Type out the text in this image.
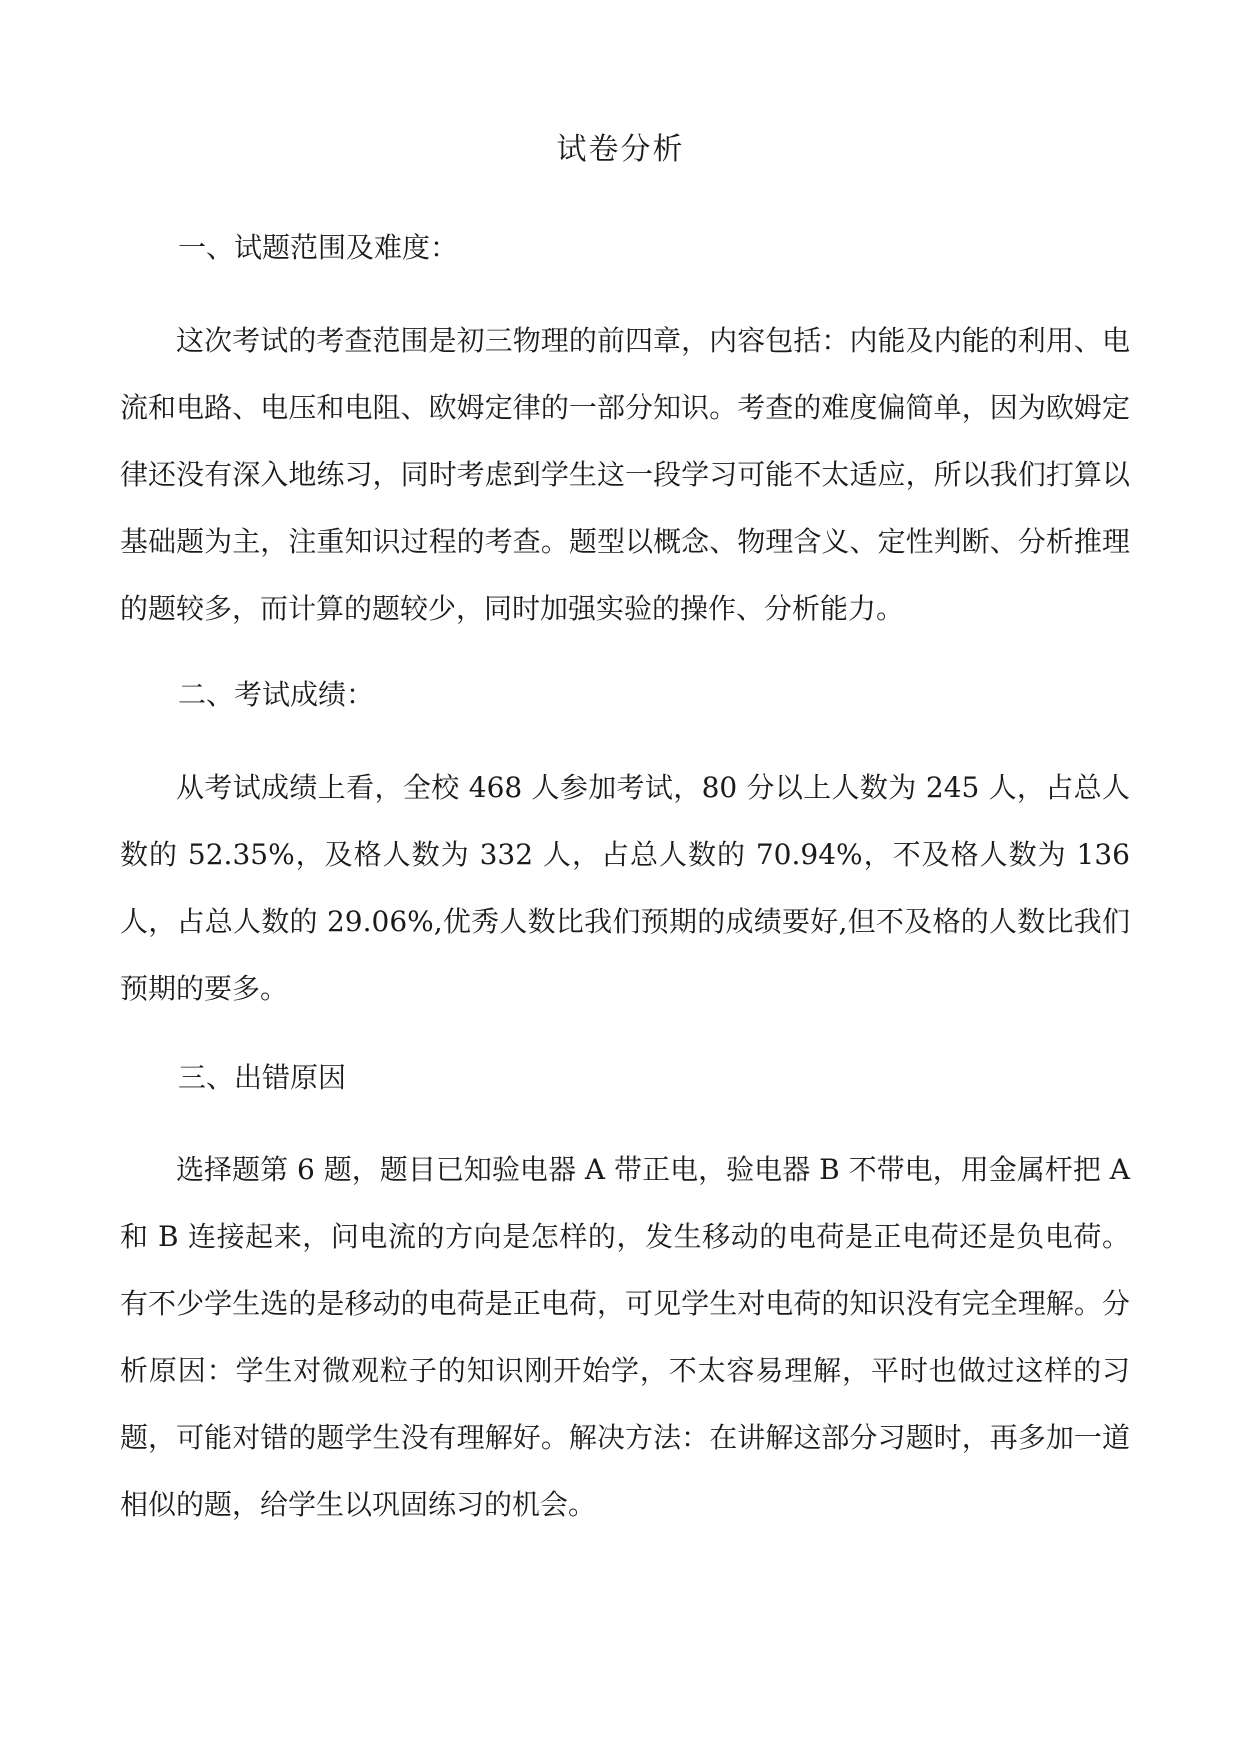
试卷分析
一、试题范围及难度：

这次考试的考查范围是初三物理的前四章，内容包括：内能及内能的利用、电流和电路、电压和电阻、欧姆定律的一部分知识。考查的难度偏简单，因为欧姆定律还没有深入地练习，同时考虑到学生这一段学习可能不太适应，所以我们打算以基础题为主，注重知识过程的考查。题型以概念、物理含义、定性判断、分析推理的题较多，而计算的题较少，同时加强实验的操作、分析能力。

二、考试成绩：

从考试成绩上看，全校 468 人参加考试，80 分以上人数为 245 人，占总人数的 52.35%，及格人数为 332 人，占总人数的 70.94%，不及格人数为 136 人，占总人数的 29.06%,优秀人数比我们预期的成绩要好,但不及格的人数比我们预期的要多。

三、出错原因

选择题第 6 题，题目已知验电器 A 带正电，验电器 B 不带电，用金属杆把 A 和 B 连接起来，问电流的方向是怎样的，发生移动的电荷是正电荷还是负电荷。有不少学生选的是移动的电荷是正电荷，可见学生对电荷的知识没有完全理解。分析原因：学生对微观粒子的知识刚开始学，不太容易理解，平时也做过这样的习题，可能对错的题学生没有理解好。解决方法：在讲解这部分习题时，再多加一道相似的题，给学生以巩固练习的机会。
